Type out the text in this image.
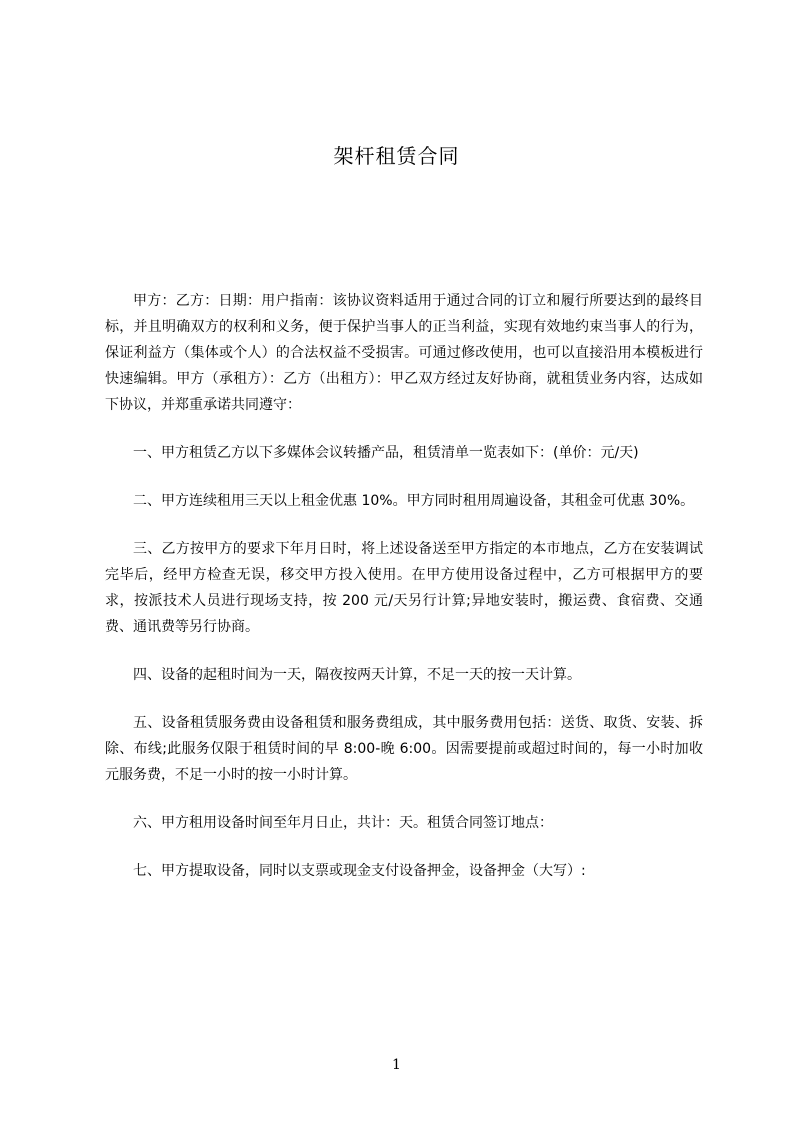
架杆租赁合同

甲方：乙方：日期：用户指南：该协议资料适用于通过合同的订立和履行所要达到的最终目标，并且明确双方的权利和义务，便于保护当事人的正当利益，实现有效地约束当事人的行为，保证利益方（集体或个人）的合法权益不受损害。可通过修改使用，也可以直接沿用本模板进行快速编辑。甲方（承租方）：乙方（出租方）：甲乙双方经过友好协商，就租赁业务内容，达成如下协议，并郑重承诺共同遵守：

一、甲方租赁乙方以下多媒体会议转播产品，租赁清单一览表如下：(单价：元/天)

二、甲方连续租用三天以上租金优惠 10%。甲方同时租用周遍设备，其租金可优惠 30%。

三、乙方按甲方的要求下年月日时，将上述设备送至甲方指定的本市地点，乙方在安装调试完毕后，经甲方检查无误，移交甲方投入使用。在甲方使用设备过程中，乙方可根据甲方的要求，按派技术人员进行现场支持，按 200 元/天另行计算;异地安装时，搬运费、食宿费、交通费、通讯费等另行协商。

四、设备的起租时间为一天，隔夜按两天计算，不足一天的按一天计算。

五、设备租赁服务费由设备租赁和服务费组成，其中服务费用包括：送货、取货、安装、拆除、布线;此服务仅限于租赁时间的早 8:00-晚 6:00。因需要提前或超过时间的，每一小时加收元服务费，不足一小时的按一小时计算。

六、甲方租用设备时间至年月日止，共计：天。租赁合同签订地点：

七、甲方提取设备，同时以支票或现金支付设备押金，设备押金（大写）:

1
